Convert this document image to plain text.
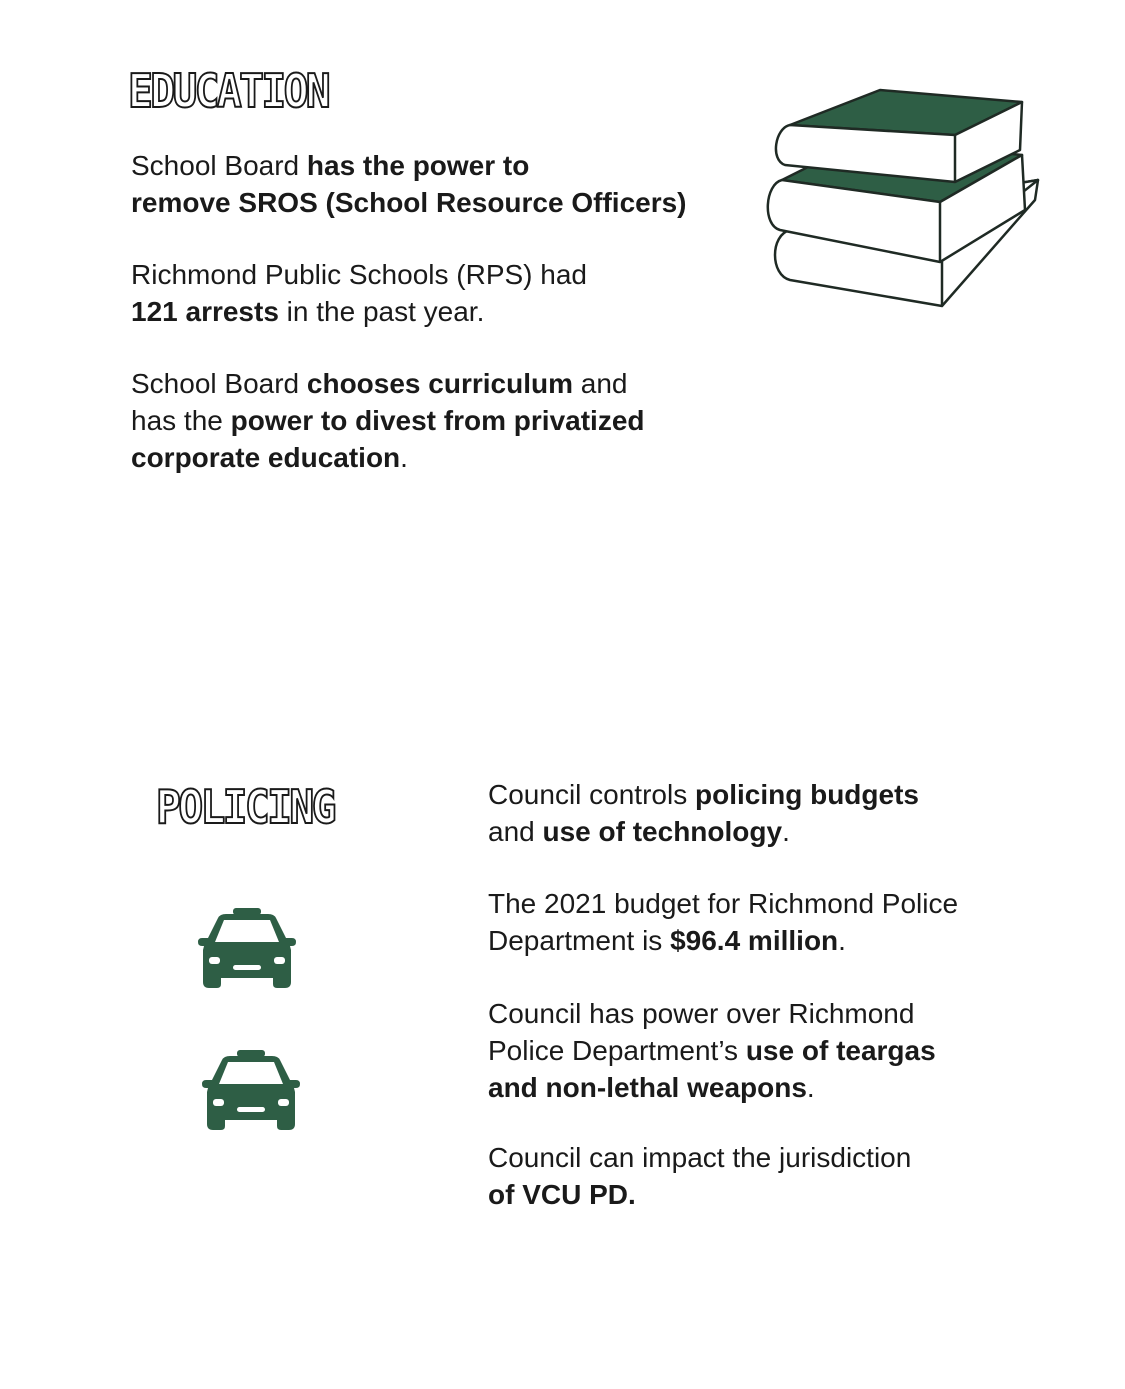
EDUCATION

School Board has the power to
remove SROS (School Resource Officers)

Richmond Public Schools (RPS) had
121 arrests in the past year.

School Board chooses curriculum and
has the power to divest from privatized
corporate education.

POLICING	Council controls policing budgets
and use of technology.

The 2021 budget for Richmond Police
Department is $96.4 million.

Council has power over Richmond
Police Department’s use of teargas
and non-lethal weapons.

Council can impact the jurisdiction
of VCU PD.
